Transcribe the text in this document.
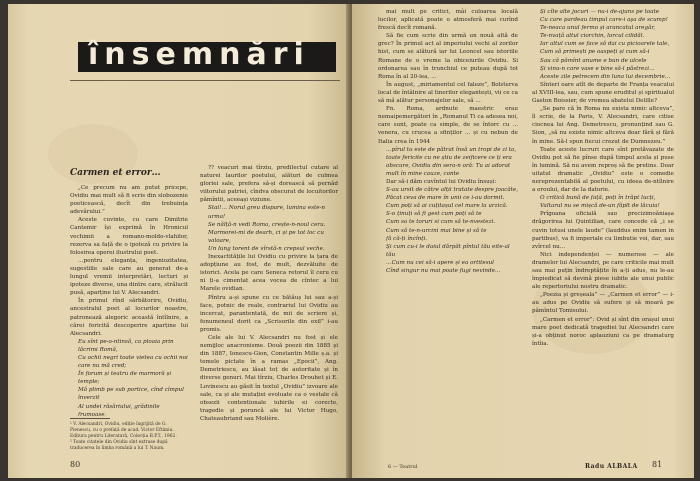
însemnări
Carmen et error…

„Ce precum nu am putut pricepe, Ovidiu mai mult să fi scris din slobozenie poeticească, decît din trebuința adevărului.”

Aceste cuvinte, cu care Dimitrie Cantemir își exprimă în Hronicul vechimii a romano-moldo-vlahilor, rezerva sa față de o ipoteză cu privire la folosirea operei ilustrului poet.

…pentru eleganța, ingeniozitatea, sugestiile sale care au generat de-a lungul vremii interpretări, lecturi și ipoteze diverse, una dintre care, strălucit pusă, aparține lui V. Alecsandri.

În primul rînd sărbătorire, Ovidiu, ancestralul poet al locurilor noastre, patronează alegoric această întîlnire, a cărei fericită descoperire aparține lui Alecsandri.

Eu sînt pe-o-ntinsă, ca ploaia prin lăcrimi Romă,

Cu ochii negri toate vietea cu ochii noi care nu mă cred;

În forum și teatru de marmoră și temple;

Mă plimb pe sub portice, cînd cîmpul înverzit

Al undei răsăriului, grădinile frumoase,

?? veacuri mai tîrziu, predilectul cutare al naturei laurilor poetului, alături de culmea gloriei sale, prefera să-și dorească să pernăd viitorului patriei, cîndva obscurat de locuitorilor pămîntii, aceeași viziune.

Stai!… Norul greu dispare, lumina este-n urma!

Se nălță-n vedi Roma, crește-n-noul ceru.

Marmorei-mi de dearh, ci și pe tot loc cu valoare,

Un lung torent de vîrstă-n crepsul veche.

Inexactitățile lui Ovidiu cu privire la țara de adopțiune au fost, de mult, dezvăluite de istorici. Acela pe care Seneca retorul îl ceru cu ni ți-a cimentat acea vocea de cîntec a lui Marele ovidian.

Pîntru a-și spune cu ce bătăuș lui sau a-și face, potnic de reale, contrariul lui Ovidiu au incercat, parantentată, de mii de scriere și, fenumeneul dorit ca „Scrisorile din exil” i-au promis.

Cele ale lui V. Alecsandri nu fost și ele nemijloc anacronisme. Două poezii din 1885 și din 1887, Ionescu-Gion, Constantin Mille ș.a. și temele pictate în a ramas „Epocii”, Ang. Demetriescu, au lăsat toț de autoritate și în diverse genuri. Mai tîrziu, Charles Drouhet și E. Lovinescu au găsit în textul „Ovidiu” izvoare ale sale, ca și ale mutației evoluate ca o vestale că obsezii contentionale iubirile ei corecte, tragedie și poruncă ale lui Victor Hugo, Chateaubriand sau Molière.

¹ V. Alecsandri, Ovidiu, ediție îngrijită de G. Pienescu, cu o prefață de acad. Victor Eftimiu. Editura pentru Literatură, Colecția B.P.T., 1962.
² Toate citatele din Ovidiu sînt extrase după traducerea în limba română a lui T. Naum.
80

mai mult pe critici, mâi culoarea locală lucilor, aplicată poate o atmosferă mai curînd frescă decît romană.

Să fie cum scrie din urmă un nouă altă de grec? În primul act al imperiului vechi al zorilor hist, cum se alătură iar lui Leoncel sau istoriile Romane de o vreme la obiceiurile Ovidiu. Si ordonarea sau în trunchiul ce puteau după tot Roma în al 20-lea, ...

În august, „miriamentul cel faleze”, Bolsterva local de întâlnire al tinerilor elegantești, vii ce ca să mă alătur personajelor sale, să ...

Fn. Roma, ardnute maestric erau nemaipemergători în „Romanul Ti ca adesea noi, care sunt, poate ca simple, de se întorc cu ... venera, cu crucea a sfinților ... și cu nebun de Italia crea în 1944

…pîrul tu este de pătrat însă un tropi de zi ta, toate fericite cu ne știu de zeificere ce ți era obscure, Ovidiu din sera-n oră: Tu ai adorat mult în mine cauze, conte

Dar să-i dăm cuvîntul lui Ovidiu însuși:

S-au ursit de către alții tratate despre joacăte,

Păcat ceva de mare în unii ce i-au dormit.

Cum poți să ai cuțitașul cel mare la urzică.

S-o ținuți să fi gest cum poți să te

Cum sa te toruri si cum să te-nvestezi.

Cum să te-n-urcini mai bine și să te

fă că-ți încînți.

Și cum cu-i le daiul dărpăt pîntul tău eite-al tău

…Cum nu cei să-i apere și ea ortitesul

Cînd singur nu mai poate fugi nevinde…

Și cîte alte jocuri — nu-i de-ajuns pe toate

Cu care pardeau timpul care-i aşa de scump!

Te-neaca unul fermo și arancatul aregăr,

Te-nvață altul ciorchin, lorcul cilidăl.

Iar altul cum se face să dai cu picioarele tale,

Cum să primești pe oaspeți și cum să-i

Sau că pămînt anume e bun de ulcele

Și vinu-n care vase e bine să-l păstrezi…

Aceste zile petrecem din luna lui decembrie…

Sînteri oare atît de departe de Franța veacului al XVIII-lea, sau, cum spune eruditul și spiritualul Gaston Boissier, de vremea abatelui Delille?

„Se pare că în Roma nu exista nimic altceva”, îl scrie, de la Paris, V. Alecsandri, care citise ciocnea lui Ang. Demetrescu, pronunțind sau G. Sion, „să nu existe nimic altceva doar fără și fără în mine. Să-l spun fiecui crezut de Dumnezeu.”

Toate aceste lucruri care sînt pretăvazate de Ovidiu pot să fie pînse după timpul acela și puse în lumină. Să nu avem reproș să fie pretins. Doar uitatul dramatic „Ovidiu” este o comedie nereprezentabilă al poetului, cu ideea de-ntîlnire a eroului, dar de la datorie.

O critică bună de față, poți în trăpt lucți, Valtarul nu se mișcă de-un făplt de lăcuia!

Prîgoana oficială sau precizimoăniașa drăgorirea lui Quintilian, care concede că „i se cuvin totusi unele laude” (lauddus enim tamen in partibus), va fi imperiale cu limbutie voi, dar, sau zvîrcel nu...

Nici independenței — numerose — ale dramelor lui Alecsandri, pe care criticile mai mult sau mai puțin îndreptățite în a-ți adus, nu le-au împiedicat să devină piese iubite ale unui public ale repertoriului nostru dramatic.

„Poezia și greșeala” — „Carmen et error” — i-au adus pe Ovidiu să sufere și să moară pe pămîntul Tomisului.

„Carmen et error”: Ovid și sînt din orașul unui mare poet dedicată tragediei lui Alecsandri care și-a obținut noroc aplauziuni ca pe dramaturg întîia.

6 — Teatrul	Radu ALBALA 81
